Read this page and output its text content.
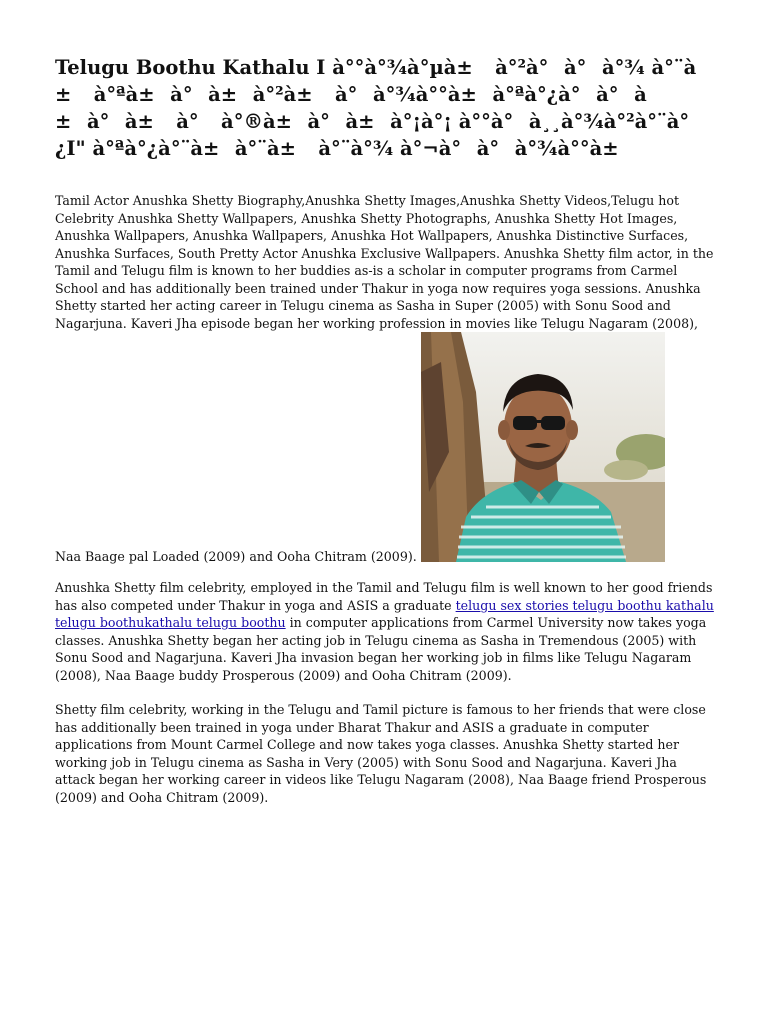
Telugu Boothu Kathalu I à°°à°¾à°µà± à°²à°à°à°¾ à°¨à± à°ªà±à°à±à°²à± à°à°¾à°°à±à°ªà°¿à°à°à±à°à± à° à°®à±à°à±à°¡à°¡ à°°à°à¸¸à°¾à°²à°¨à°¿I" à°ªà°¿à°¨à±à°¨à± à°¨à°¾ à°¬à°à°à°¾à°°à±

Tamil Actor Anushka Shetty Biography,Anushka Shetty Images,Anushka Shetty Videos,Telugu hot Celebrity Anushka Shetty Wallpapers, Anushka Shetty Photographs, Anushka Shetty Hot Images, Anushka Wallpapers, Anushka Wallpapers, Anushka Hot Wallpapers, Anushka Distinctive Surfaces, Anushka Surfaces, South Pretty Actor Anushka Exclusive Wallpapers. Anushka Shetty film actor, in the Tamil and Telugu film is known to her buddies as-is a scholar in computer programs from Carmel School and has additionally been trained under Thakur in yoga now requires yoga sessions. Anushka Shetty started her acting career in Telugu cinema as Sasha in Super (2005) with Sonu Sood and Nagarjuna. Kaveri Jha episode began her working profession in movies like Telugu Nagaram (2008),

Naa Baage pal Loaded (2009) and Ooha Chitram (2009).

Anushka Shetty film celebrity, employed in the Tamil and Telugu film is well known to her good friends has also competed under Thakur in yoga and ASIS a graduate telugu sex stories telugu boothu kathalu telugu boothukathalu telugu boothu in computer applications from Carmel University now takes yoga classes. Anushka Shetty began her acting job in Telugu cinema as Sasha in Tremendous (2005) with Sonu Sood and Nagarjuna. Kaveri Jha invasion began her working job in films like Telugu Nagaram (2008), Naa Baage buddy Prosperous (2009) and Ooha Chitram (2009).

Shetty film celebrity, working in the Telugu and Tamil picture is famous to her friends that were close has additionally been trained in yoga under Bharat Thakur and ASIS a graduate in computer applications from Mount Carmel College and now takes yoga classes. Anushka Shetty started her working job in Telugu cinema as Sasha in Very (2005) with Sonu Sood and Nagarjuna. Kaveri Jha attack began her working career in videos like Telugu Nagaram (2008), Naa Baage friend Prosperous (2009) and Ooha Chitram (2009).
